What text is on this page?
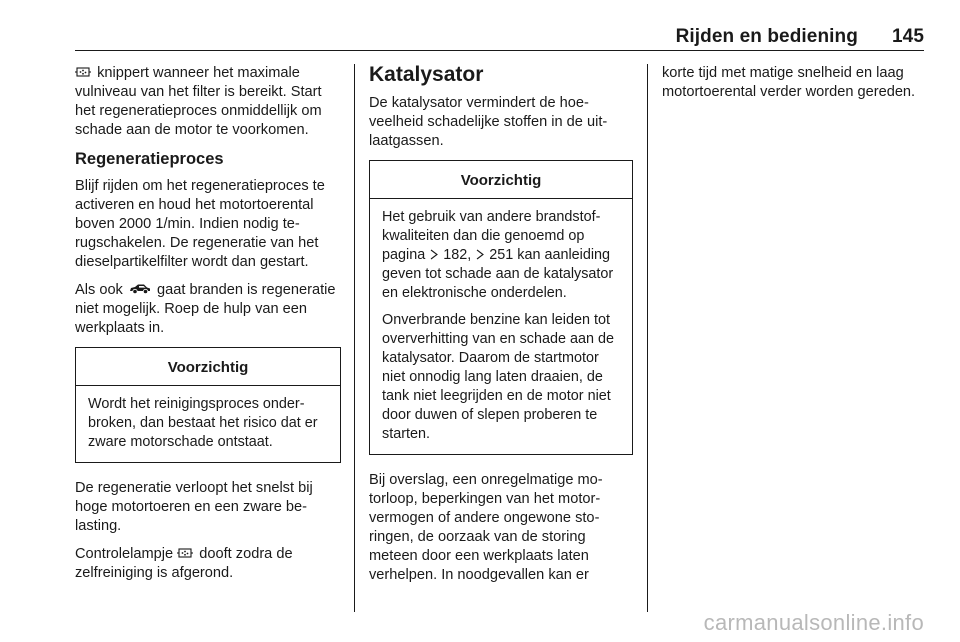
Rijden en bediening 145

knippert wanneer het maximale vulniveau van het filter is bereikt. Start het regeneratieproces onmiddellijk om schade aan de motor te voorkomen.

Regeneratieproces

Blijf rijden om het regeneratieproces te activeren en houd het motortoerental boven 2000 1/min. Indien nodig terugschakelen. De regeneratie van het dieselpartikelfilter wordt dan gestart.

Als ook gaat branden is regeneratie niet mogelijk. Roep de hulp van een werkplaats in.

Voorzichtig

Wordt het reinigingsproces onderbroken, dan bestaat het risico dat er zware motorschade ontstaat.

De regeneratie verloopt het snelst bij hoge motortoeren en een zware belasting.

Controlelampje dooft zodra de zelfreiniging is afgerond.

Katalysator

De katalysator vermindert de hoeveelheid schadelijke stoffen in de uitlaatgassen.

Voorzichtig

Het gebruik van andere brandstofkwaliteiten dan die genoemd op pagina 182, 251 kan aanleiding geven tot schade aan de katalysator en elektronische onderdelen.

Onverbrande benzine kan leiden tot oververhitting van en schade aan de katalysator. Daarom de startmotor niet onnodig lang laten draaien, de tank niet leegrijden en de motor niet door duwen of slepen proberen te starten.

Bij overslag, een onregelmatige motorloop, beperkingen van het motorvermogen of andere ongewone storingen, de oorzaak van de storing meteen door een werkplaats laten verhelpen. In noodgevallen kan er

korte tijd met matige snelheid en laag motortoerental verder worden gereden.

carmanualsonline.info
